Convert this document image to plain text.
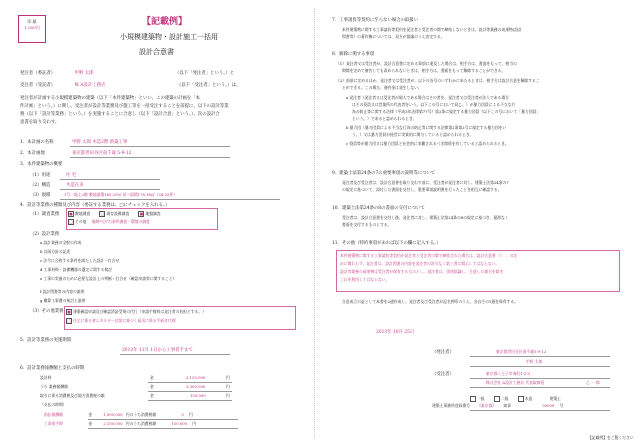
印 紙
1,000円
【記載例】
小規模建築物・設計施工一括用
設計合意書
発注者（委託者）	甲野 太郎	（以下「発注者」という。）と
受注者（受託者）	株 A設計工務店	（以下「受注者」という。）は、
発注者が計画する小規模建築物の建築（以下「本件建築物」といい、この建築の計画を「本
件計画」という。）に関し、受注者が設計等業務及び施工等を一括受注することを前提に、以下の設計等業
務（以下「設計等業務」という。）を実施することに合意し（以下「設計合意」という。）、次の設計合
意書を取り交わす。
1．本計画の名称	甲野 太郎 木造2階 新築工事
2．本計画地	東京都世田谷区南千歳 5-9-12
3．本件建築物の概要
（1）用途	住 宅
（2）構造	木造在来
（3）規模	1号・地上2階 敷地面積165.39㎡ 延べ面積178.38㎡（54.55坪）
4．設計等業務の種類及び内容（委託する業務は、□にチェックを入れる。）
（1）調査業務	■ 敷地調査	□ 現存設備調査	■ 地盤調査
□ その他 規制や法令/条件調査・環境の調査
（2）設計業務
a 設計業務の全般の作成
b 計画方針の記述
c 法令に合致する条件を満たした設計・打合せ
d 工事材料・設備機器の選定に関する検討
e 工事の実施のために必要な設計上の判断・打合せ（確認申請等に関すること）
f 設計図書等の内容の説明
g 概算工事費の検討と説明
（3）その他業務	■ 建築確認申請及び確認済証受領の代行（申請手数料は発注者の負担とする。）
□ 住宅に係る省エネルギー法第に基づく届出に係る手続き代理
5．設計等業務の実施期間
2013年 11月 1日から工事着手まで
6．設計業務報酬額と支払の時期
設計料	金	3,150,000	円
うち 業務報酬額	金	3,000,000	円
取引に係る消費税及び地方消費税の額	金	150,000	円
（支払の時期）
前払報酬額	金	1,000,000 円のうち消費税額	0 円
工事着手時	金	2,150,000 円のうち消費税額	150,000 円
7．工事請負等契約に至らない場合の取扱い
本件建築物に関する工事請負等契約を発注者と受注者の間で締結しないときは、設計等業務の成果物(設計
図書等）の著作権については、双方が協議のうえ決定する。
8．解除に関する事項
（1）発注者又は受注者が、設計合意書に定める事項に違反した場合は、相手方は、書面をもって、相当の
期間を定めて催告しても改められないときは、相手方は、書面をもって解除することができる。
（2）前項に定めるほか、発注者又は受注者が、以下の各号のいずれかにあたるときは、相手方は設計合意を解除するこ
とができる。この場合、違約金は発生しない。
a 発注者（発注者又は受注者が個人である場合はその者を、発注者又は受注者が法人である場合
はその役員又は営業所の代表者をいう。以下この号において同じ。）が暴力団員による不当な行
為の防止等に関する法律（平成3年法律第77号）第2条に規定する暴力団員（以下この号において「暴力団員」
という。）であると認められるとき。
b 暴力団（暴力団員による不当な行為の防止等に関する法律第2条第2号に規定する暴力団をい
う。）又は暴力団員が経営に実質的に関与していると認められるとき。
c 役員等が暴力団又は暴力団員と社会的に非難されるべき関係を有していると認められるとき。
9．建築士法第24条の7の重要事項の説明等について
発注者及び受注者は、設計合意書を取り交わす前に、受注者が発注者に対し、建築士法第24条の7
の規定に基づいて、添付した書面を交付し、重要事項説明書を行ったことを相互に確認する。
10．建築士法第24条の8の書面の交付について
受注者は、設計合意書を交付し後、発注者に対し、建築士法第24条の8の規定に基づき、遅滞なく
書面を交付するものとする。
11．その他（特約事項があれば以下の欄に記入する。）
本件建築物に関する工事請負等契約が発注者と受注者の間で締結された場合は、設計合意書「7．」の定
めに関わらず、発注者は、設計図書の内容を発注者の許可なく第三者に開示してはならない。
設計等業務の成果物は受注者が保有するものとし、発注者は、別途協議し、合意した場合を除き
これを利用してはならない。
合意成立の証として本書を2通作成し、発注者及び受注者が記名押印のうえ、各自その1通を保有する。
2013年 10月 25日
（発注者）	東京都世田谷区南千歳5-9-12
甲野 太郎
（受注者）	東京都八王子市南町1-2-3
株式会社 A設計工務店 代表取締役	乙 一 郎
一級	二級	木造	建築士
建築士事務所登録番号 （東京都） 知事	00000 号
【記載例】をご覧ください
